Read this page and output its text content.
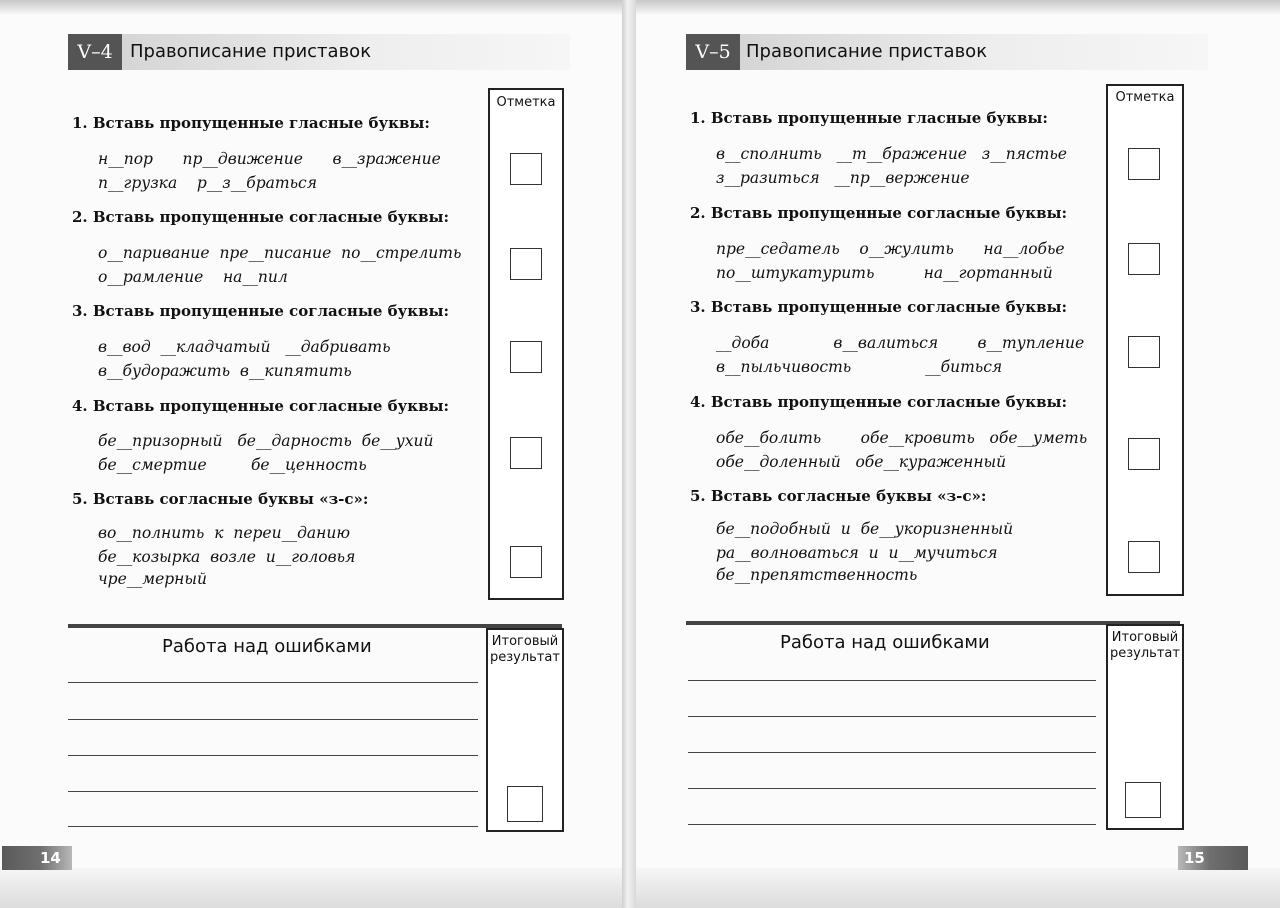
V–4 Правописание приставок
Отметка
1. Вставь пропущенные гласные буквы:
н__пор      пр__движение      в__зражение
п__грузка    р__з__браться
2. Вставь пропущенные согласные буквы:
о__паривание  пре__писание  по__стрелить
о__рамление    на__пил
3. Вставь пропущенные согласные буквы:
в__вод  __кладчатый   __дабривать
в__будоражить  в__кипятить
4. Вставь пропущенные согласные буквы:
бе__призорный   бе__дарность  бе__ухий
бе__смертие         бе__ценность
5. Вставь согласные буквы «з-с»:
во__полнить  к  переи__данию
бе__козырка  возле  и__головья
чре__мерный
Работа над ошибками	Итоговый
результат
14
V–5 Правописание приставок
Отметка
1. Вставь пропущенные гласные буквы:
в__сполнить   __т__бражение   з__пястье
з__разиться   __пр__вержение
2. Вставь пропущенные согласные буквы:
пре__седатель    о__жулить      на__лобье
по__штукатурить          на__гортанный
3. Вставь пропущенные согласные буквы:
__доба             в__валиться        в__тупление
в__пыльчивость               __биться
4. Вставь пропущенные согласные буквы:
обе__болить        обе__кровить   обе__уметь
обе__доленный   обе__кураженный
5. Вставь согласные буквы «з-с»:
бе__подобный  и  бе__укоризненный
ра__волноваться  и  и__мучиться
бе__препятственность
Работа над ошибками	Итоговый
результат
15
